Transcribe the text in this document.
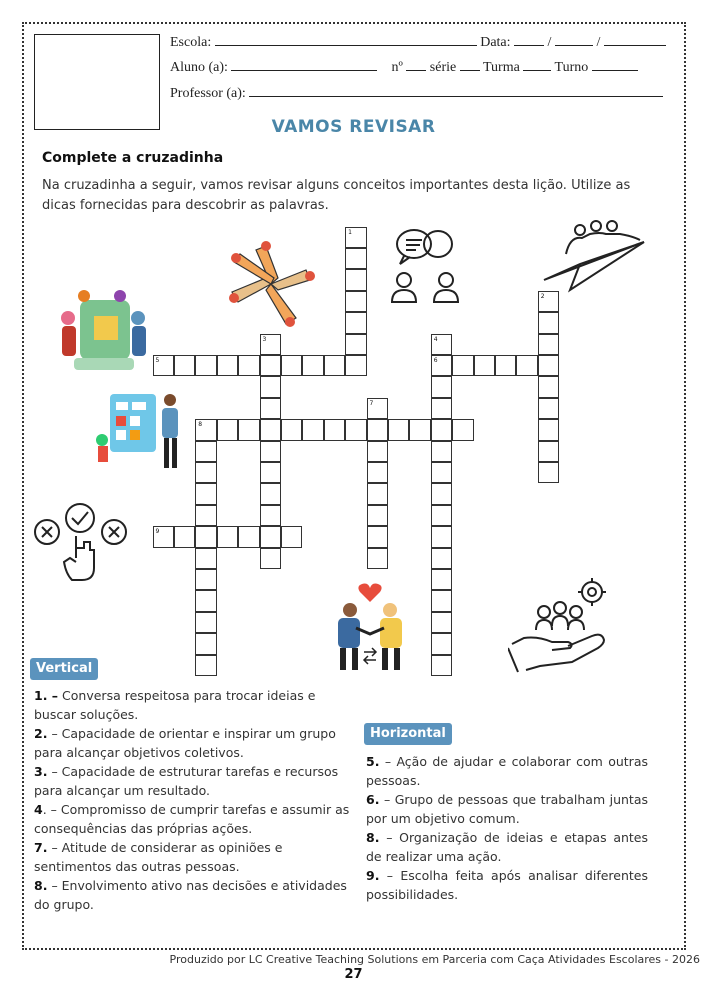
Escola:	Data:	/	/
Aluno (a):	nº série Turma Turno
Professor (a):
VAMOS REVISAR
Complete a cruzadinha
Na cruzadinha a seguir, vamos revisar alguns conceitos importantes desta lição. Utilize as dicas fornecidas para descobrir as palavras.
1
2
3	4
6
5
7
8
9
Vertical
1. – Conversa respeitosa para trocar ideias e buscar soluções.
2. – Capacidade de orientar e inspirar um grupo para alcançar objetivos coletivos.
3. – Capacidade de estruturar tarefas e recursos para alcançar um resultado.
4. – Compromisso de cumprir tarefas e assumir as consequências das próprias ações.
7. – Atitude de considerar as opiniões e sentimentos das outras pessoas.
8. – Envolvimento ativo nas decisões e atividades do grupo.
Horizontal
5. – Ação de ajudar e colaborar com outras pessoas.
6. – Grupo de pessoas que trabalham juntas por um objetivo comum.
8. – Organização de ideias e etapas antes de realizar uma ação.
9. – Escolha feita após analisar diferentes possibilidades.
Produzido por LC Creative Teaching Solutions em Parceria com Caça Atividades Escolares - 2026
27
